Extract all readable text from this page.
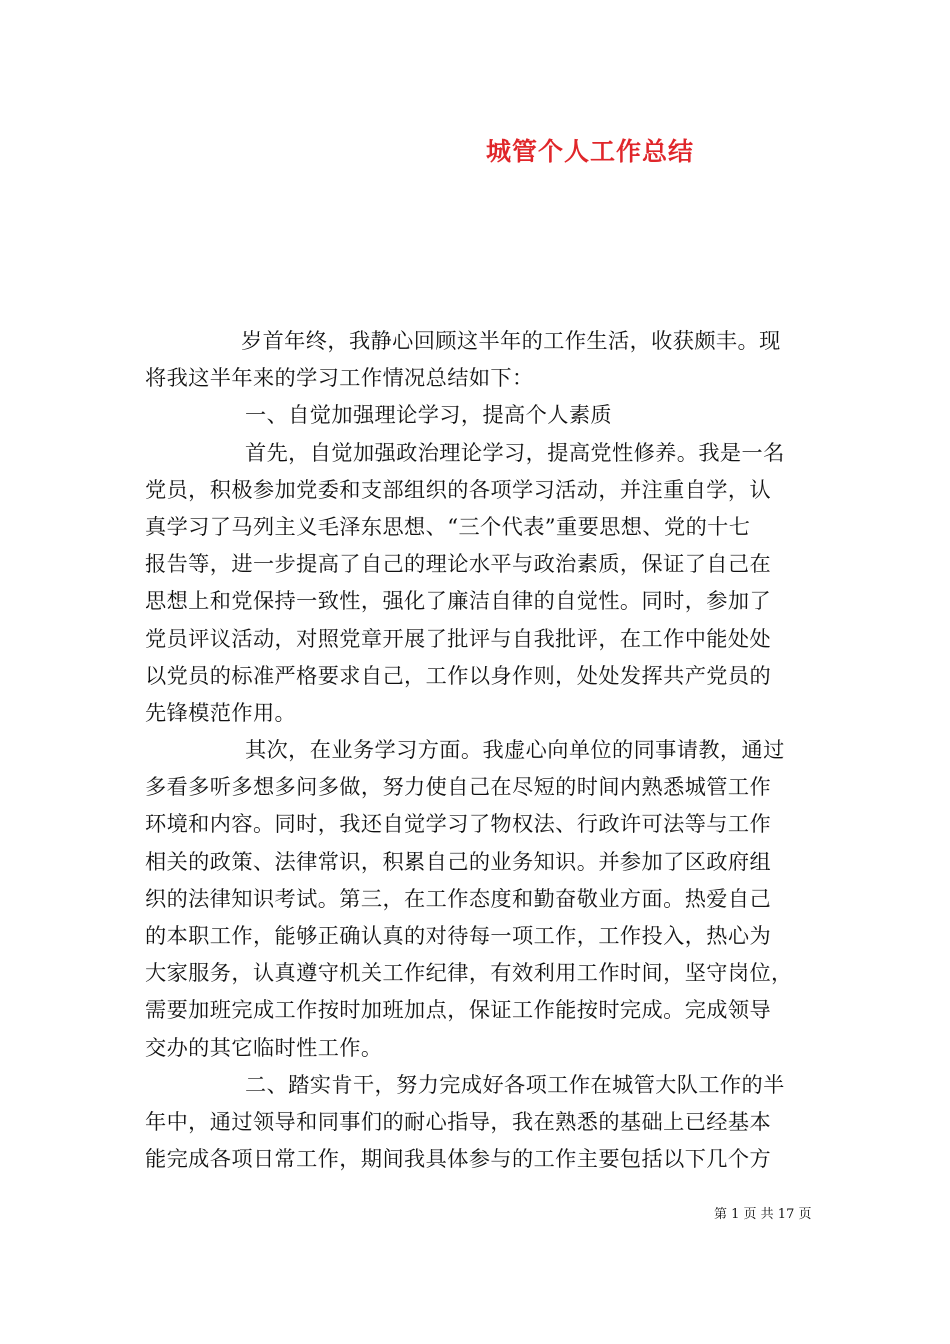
城管个人工作总结
岁首年终，我静心回顾这半年的工作生活，收获颇丰。现
将我这半年来的学习工作情况总结如下：
一、自觉加强理论学习，提高个人素质
首先，自觉加强政治理论学习，提高党性修养。我是一名
党员，积极参加党委和支部组织的各项学习活动，并注重自学，认
真学习了马列主义毛泽东思想、“三个代表”重要思想、党的十七
报告等，进一步提高了自己的理论水平与政治素质，保证了自己在
思想上和党保持一致性，强化了廉洁自律的自觉性。同时，参加了
党员评议活动，对照党章开展了批评与自我批评，在工作中能处处
以党员的标准严格要求自己，工作以身作则，处处发挥共产党员的
先锋模范作用。
其次，在业务学习方面。我虚心向单位的同事请教，通过
多看多听多想多问多做，努力使自己在尽短的时间内熟悉城管工作
环境和内容。同时，我还自觉学习了物权法、行政许可法等与工作
相关的政策、法律常识，积累自己的业务知识。并参加了区政府组
织的法律知识考试。第三，在工作态度和勤奋敬业方面。热爱自己
的本职工作，能够正确认真的对待每一项工作，工作投入，热心为
大家服务，认真遵守机关工作纪律，有效利用工作时间，坚守岗位，
需要加班完成工作按时加班加点，保证工作能按时完成。完成领导
交办的其它临时性工作。
二、踏实肯干，努力完成好各项工作在城管大队工作的半
年中，通过领导和同事们的耐心指导，我在熟悉的基础上已经基本
能完成各项日常工作，期间我具体参与的工作主要包括以下几个方
第 1 页 共 17 页
